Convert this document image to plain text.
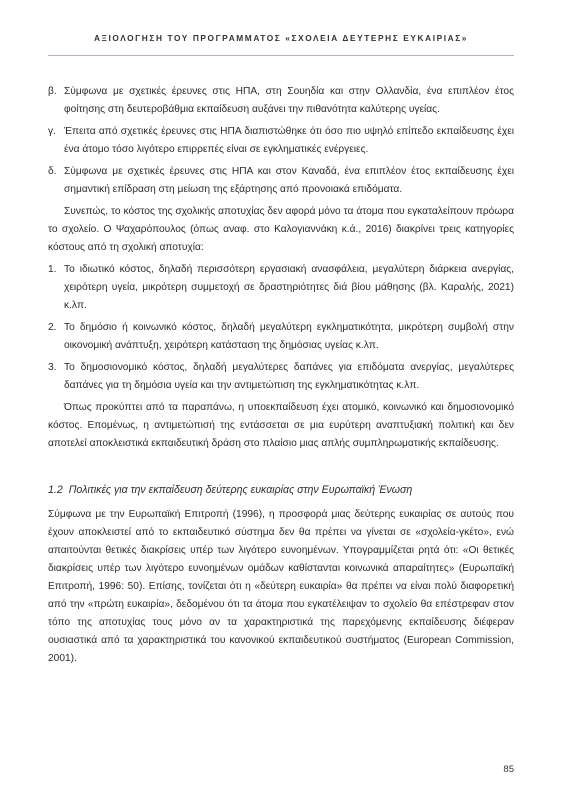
ΑΞΙΟΛΟΓΗΣΗ ΤΟΥ ΠΡΟΓΡΑΜΜΑΤΟΣ «ΣΧΟΛΕΙΑ ΔΕΥΤΕΡΗΣ ΕΥΚΑΙΡΙΑΣ»
β. Σύμφωνα με σχετικές έρευνες στις ΗΠΑ, στη Σουηδία και στην Ολλανδία, ένα επιπλέον έτος φοίτησης στη δευτεροβάθμια εκπαίδευση αυξάνει την πιθανότητα καλύτερης υγείας.
γ. Έπειτα από σχετικές έρευνες στις ΗΠΑ διαπιστώθηκε ότι όσο πιο υψηλό επίπεδο εκπαίδευσης έχει ένα άτομο τόσο λιγότερο επιρρεπές είναι σε εγκληματικές ενέργειες.
δ. Σύμφωνα με σχετικές έρευνες στις ΗΠΑ και στον Καναδά, ένα επιπλέον έτος εκπαίδευσης έχει σημαντική επίδραση στη μείωση της εξάρτησης από προνοιακά επιδόματα.

Συνεπώς, το κόστος της σχολικής αποτυχίας δεν αφορά μόνο τα άτομα που εγκαταλείπουν πρόωρα το σχολείο. Ο Ψαχαρόπουλος (όπως αναφ. στο Καλογιαννάκη κ.ά., 2016) διακρίνει τρεις κατηγορίες κόστους από τη σχολική αποτυχία:

1. Το ιδιωτικό κόστος, δηλαδή περισσότερη εργασιακή ανασφάλεια, μεγαλύτερη διάρκεια ανεργίας, χειρότερη υγεία, μικρότερη συμμετοχή σε δραστηριότητες διά βίου μάθησης (βλ. Καραλής, 2021) κ.λπ.
2. Το δημόσιο ή κοινωνικό κόστος, δηλαδή μεγαλύτερη εγκληματικότητα, μικρότερη συμβολή στην οικονομική ανάπτυξη, χειρότερη κατάσταση της δημόσιας υγείας κ.λπ.
3. Το δημοσιονομικό κόστος, δηλαδή μεγαλύτερες δαπάνες για επιδόματα ανεργίας, μεγαλύτερες δαπάνες για τη δημόσια υγεία και την αντιμετώπιση της εγκληματικότητας κ.λπ.

Όπως προκύπτει από τα παραπάνω, η υποεκπαίδευση έχει ατομικό, κοινωνικό και δημοσιονομικό κόστος. Επομένως, η αντιμετώπισή της εντάσσεται σε μια ευρύτερη αναπτυξιακή πολιτική και δεν αποτελεί αποκλειστικά εκπαιδευτική δράση στο πλαίσιο μιας απλής συμπληρωματικής εκπαίδευσης.

1.2 Πολιτικές για την εκπαίδευση δεύτερης ευκαιρίας στην Ευρωπαϊκή Ένωση

Σύμφωνα με την Ευρωπαϊκή Επιτροπή (1996), η προσφορά μιας δεύτερης ευκαιρίας σε αυτούς που έχουν αποκλειστεί από το εκπαιδευτικό σύστημα δεν θα πρέπει να γίνεται σε «σχολεία-γκέτο», ενώ απαιτούνται θετικές διακρίσεις υπέρ των λιγότερο ευνοημένων. Υπογραμμίζεται ρητά ότι: «Οι θετικές διακρίσεις υπέρ των λιγότερο ευνοημένων ομάδων καθίστανται κοινωνικά απαραίτητες» (Ευρωπαϊκή Επιτροπή, 1996: 50). Επίσης, τονίζεται ότι η «δεύτερη ευκαιρία» θα πρέπει να είναι πολύ διαφορετική από την «πρώτη ευκαιρία», δεδομένου ότι τα άτομα που εγκατέλειψαν το σχολείο θα επέστρεφαν στον τόπο της αποτυχίας τους μόνο αν τα χαρακτηριστικά της παρεχόμενης εκπαίδευσης διέφεραν ουσιαστικά από τα χαρακτηριστικά του κανονικού εκπαιδευτικού συστήματος (European Commission, 2001).

85
